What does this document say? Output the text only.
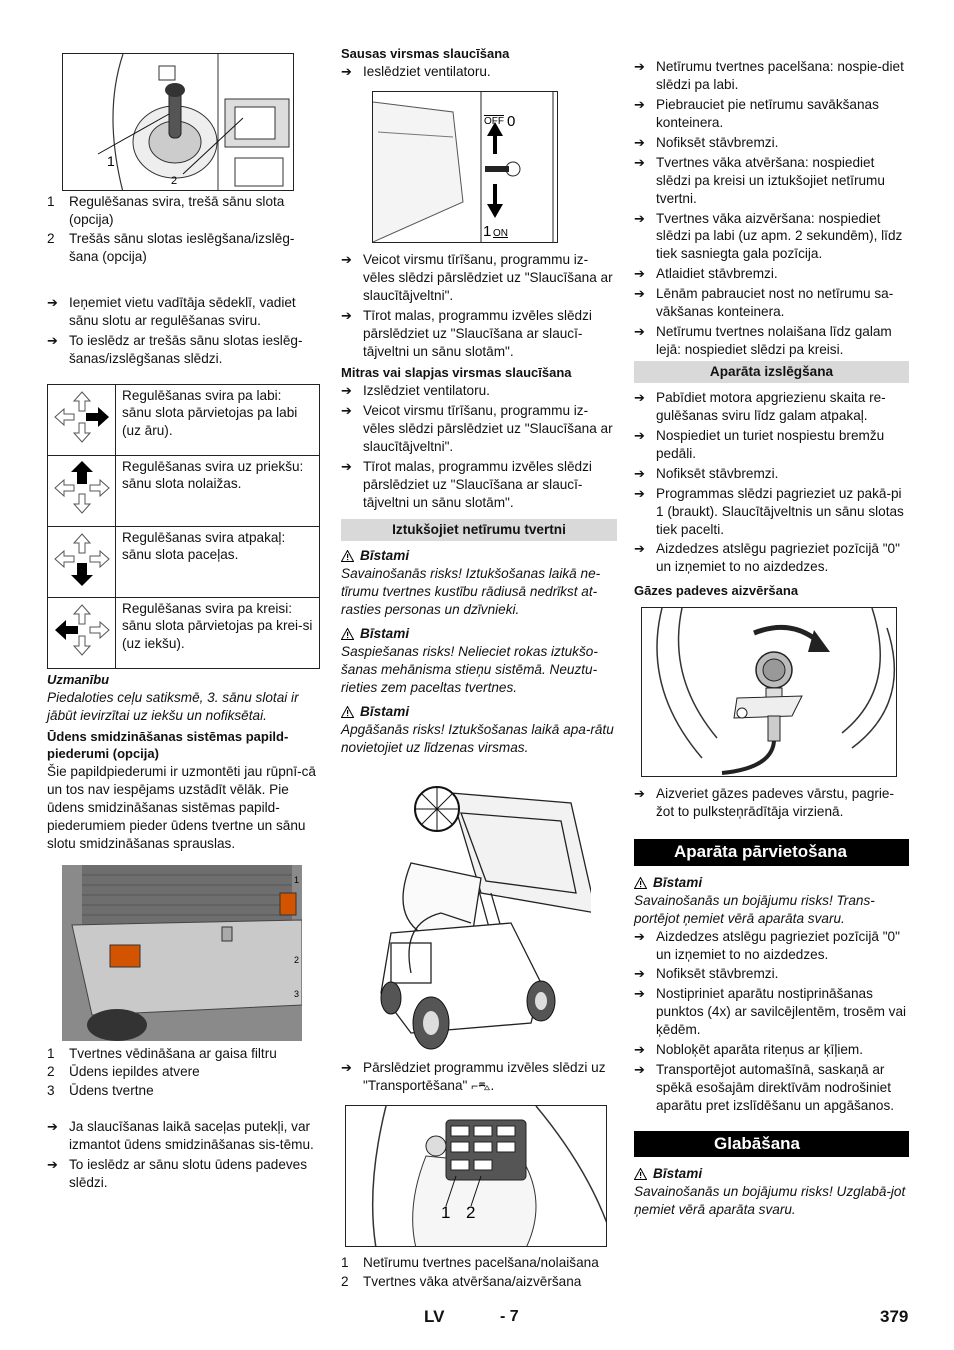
1
2
1	Regulēšanas svira, trešā sānu slota (opcija)
2	Trešās sānu slotas ieslēgšana/izslēg-šana (opcija)
➔ Ieņemiet vietu vadītāja sēdeklī, vadiet sānu slotu ar regulēšanas sviru.
➔ To ieslēdz ar trešās sānu slotas ieslēg-šanas/izslēgšanas slēdzi.
	Regulēšanas svira pa labi: sānu slota pārvietojas pa labi (uz āru).
	Regulēšanas svira uz priekšu: sānu slota nolaižas.
	Regulēšanas svira atpakaļ: sānu slota paceļas.
	Regulēšanas svira pa kreisi: sānu slota pārvietojas pa krei-si (uz iekšu).
Uzmanību
Piedaloties ceļu satiksmē, 3. sānu slotai ir jābūt ievirzītai uz iekšu un nofiksētai.
Ūdens smidzināšanas sistēmas papild-piederumi (opcija)
Šie papildpiederumi ir uzmontēti jau rūpnī-cā un tos nav iespējams uzstādīt vēlāk. Pie ūdens smidzināšanas sistēmas papild-piederumiem pieder ūdens tvertne un sānu slotu smidzināšanas sprauslas.
1
2
3
1	Tvertnes vēdināšana ar gaisa filtru
2	Ūdens iepildes atvere
3	Ūdens tvertne
➔ Ja slaucīšanas laikā saceļas putekļi, var izmantot ūdens smidzināšanas sis-tēmu.
➔ To ieslēdz ar sānu slotu ūdens padeves slēdzi.
Sausas virsmas slaucīšana
➔ Ieslēdziet ventilatoru.
OFF 0
1 ON
➔ Veicot virsmu tīrīšanu, programmu iz-vēles slēdzi pārslēdziet uz "Slaucīšana ar slaucītājveltni".
➔ Tīrot malas, programmu izvēles slēdzi pārslēdziet uz "Slaucīšana ar slaucī-tājveltni un sānu slotām".
Mitras vai slapjas virsmas slaucīšana
➔ Izslēdziet ventilatoru.
➔ Veicot virsmu tīrīšanu, programmu iz-vēles slēdzi pārslēdziet uz "Slaucīšana ar slaucītājveltni".
➔ Tīrot malas, programmu izvēles slēdzi pārslēdziet uz "Slaucīšana ar slaucī-tājveltni un sānu slotām".
Iztukšojiet netīrumu tvertni
Bīstami
Savainošanās risks! Iztukšošanas laikā ne-tīrumu tvertnes kustību rādiusā nedrīkst at-rasties personas un dzīvnieki.
Bīstami
Saspiešanas risks! Nelieciet rokas iztukšo-šanas mehānisma stieņu sistēmā. Neuztu-rieties zem paceltas tvertnes.
Bīstami
Apgāšanās risks! Iztukšošanas laikā apa-rātu novietojiet uz līdzenas virsmas.
➔ Pārslēdziet programmu izvēles slēdzi uz "Transportēšana" ⌐⛍.
1 2
1	Netīrumu tvertnes pacelšana/nolaišana
2	Tvertnes vāka atvēršana/aizvēršana
➔ Netīrumu tvertnes pacelšana: nospie-diet slēdzi pa labi.
➔ Piebrauciet pie netīrumu savākšanas konteinera.
➔ Nofiksēt stāvbremzi.
➔ Tvertnes vāka atvēršana: nospiediet slēdzi pa kreisi un iztukšojiet netīrumu tvertni.
➔ Tvertnes vāka aizvēršana: nospiediet slēdzi pa labi (uz apm. 2 sekundēm), līdz tiek sasniegta gala pozīcija.
➔ Atlaidiet stāvbremzi.
➔ Lēnām pabrauciet nost no netīrumu sa-vākšanas konteinera.
➔ Netīrumu tvertnes nolaišana līdz galam lejā: nospiediet slēdzi pa kreisi.
Aparāta izslēgšana
➔ Pabīdiet motora apgriezienu skaita re-gulēšanas sviru līdz galam atpakaļ.
➔ Nospiediet un turiet nospiestu bremžu pedāli.
➔ Nofiksēt stāvbremzi.
➔ Programmas slēdzi pagrieziet uz pakā-pi 1 (braukt). Slaucītājveltnis un sānu slotas tiek pacelti.
➔ Aizdedzes atslēgu pagrieziet pozīcijā "0" un izņemiet to no aizdedzes.
Gāzes padeves aizvēršana
➔ Aizveriet gāzes padeves vārstu, pagrie-žot to pulksteņrādītāja virzienā.
Aparāta pārvietošana
Bīstami
Savainošanās un bojājumu risks! Trans-portējot ņemiet vērā aparāta svaru.
➔ Aizdedzes atslēgu pagrieziet pozīcijā "0" un izņemiet to no aizdedzes.
➔ Nofiksēt stāvbremzi.
➔ Nostipriniet aparātu nostiprināšanas punktos (4x) ar savilcējlentēm, trosēm vai ķēdēm.
➔ Nobloķēt aparāta riteņus ar ķīļiem.
➔ Transportējot automašīnā, saskaņā ar spēkā esošajām direktīvām nodrošiniet aparātu pret izslīdēšanu un apgāšanos.
Glabāšana
Bīstami
Savainošanās un bojājumu risks! Uzglabā-jot ņemiet vērā aparāta svaru.
LV	- 7	379
